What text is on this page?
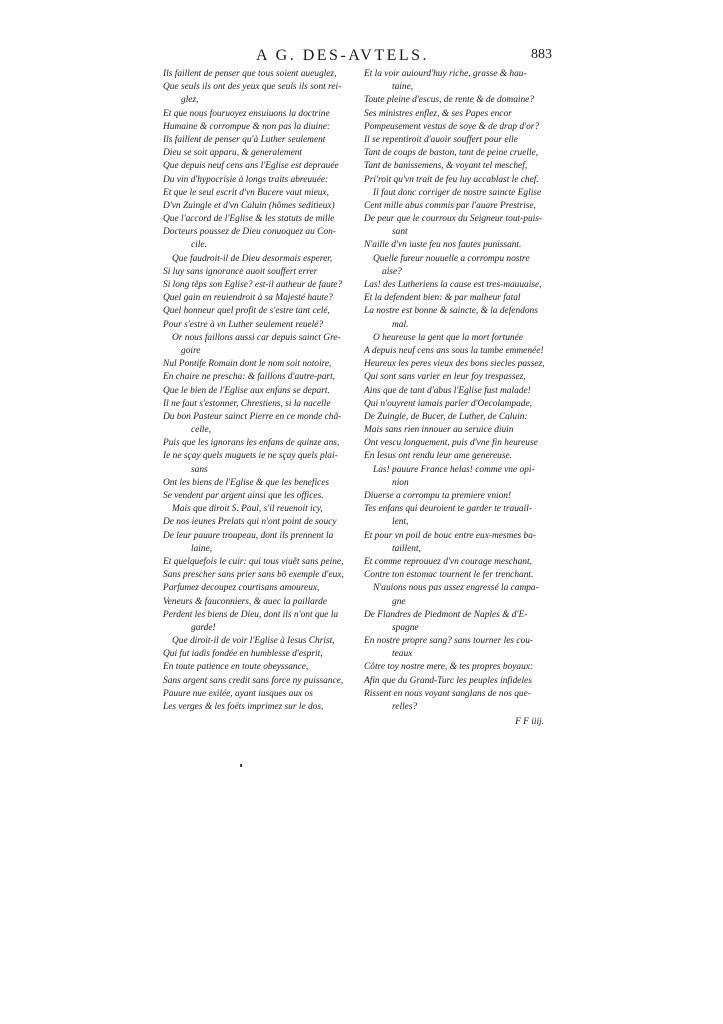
A G. DES-AVTELS.	883
Ils faillent de penser que tous soient aueuglez,
Que seuls ils ont des yeux que seuls ils sont rei-
glez,
Et que nous fouruoyez ensuiuons la doctrine
Humaine & corrompue & non pas la diuine:
Ils faillent de penser qu'à Luther seulement
Dieu se soit apparu, & generalement
Que depuis neuf cens ans l'Eglise est deprauée
Du vin d'hypocrisie à longs traits abreuuée:
Et que le seul escrit d'vn Bucere vaut mieux,
D'vn Zuingle et d'vn Caluin (hômes seditieux)
Que l'accord de l'Eglise & les statuts de mille
Docteurs poussez de Dieu conuoquez au Con-
cile.
Que faudroit-il de Dieu desormais esperer,
Si luy sans ignorance auoit souffert errer
Si long tẽps son Eglise? est-il autheur de faute?
Quel gain en reuiendroit à sa Majesté haute?
Quel honneur quel profit de s'estre tant celé,
Pour s'estre à vn Luther seulement reuelé?
Or nous faillons aussi car depuis sainct Gre-
goire
Nul Pontife Romain dont le nom soit notoire,
En chaire ne prescha: & faillons d'autre-part,
Que le bien de l'Eglise aux enfans se depart.
Il ne faut s'estonner, Chrestiens, si la nacelle
Du bon Pasteur sainct Pierre en ce monde chã-
celle,
Puis que les ignorans les enfans de quinze ans,
Ie ne sçay quels muguets ie ne sçay quels plai-
sans
Ont les biens de l'Eglise & que les benefices
Se vendent par argent ainsi que les offices.
Mais que diroit S. Paul, s'il reuenoit icy,
De nos ieunes Prelats qui n'ont point de soucy
De leur pauure troupeau, dont ils prennent la
laine,
Et quelquefois le cuir: qui tous viuẽt sans peine,
Sans prescher sans prier sans bõ exemple d'eux,
Parfumez decoupez courtisans amoureux,
Veneurs & fauconniers, & auec la paillarde
Perdent les biens de Dieu, dont ils n'ont que la
garde!
Que diroit-il de voir l'Eglise à Iesus Christ,
Qui fut iadis fondée en humblesse d'esprit,
En toute patience en toute obeyssance,
Sans argent sans credit sans force ny puissance,
Pauure nue exilée, ayant iusques aux os
Les verges & les foëts imprimez sur le dos,
Et la voir auiourd'huy riche, grasse & hau-
taine,
Toute pleine d'escus, de rente & de domaine?
Ses ministres enflez, & ses Papes encor
Pompeusement vestus de soye & de drap d'or?
Il se repentiroit d'auoir souffert pour elle
Tant de coups de baston, tant de peine cruelle,
Tant de banissemens, & voyant tel meschef,
Pri'roit qu'vn trait de feu luy accablast le chef.
Il faut donc corriger de nostre saincte Eglise
Cent mille abus commis par l'auare Prestrise,
De peur que le courroux du Seigneur tout-puis-
sant
N'aille d'vn iuste feu nos fautes punissant.
Quelle fureur nouuelle a corrompu nostre
aise?
Las! des Lutheriens la cause est tres-mauuaise,
Et la defendent bien: & par malheur fatal
La nostre est bonne & saincte, & la defendons
mal.
O heureuse la gent que la mort fortunée
A depuis neuf cens ans sous la tumbe emmenée!
Heureux les peres vieux des bons siecles passez,
Qui sont sans varier en leur foy trespassez,
Ains que de tant d'abus l'Eglise fust malade!
Qui n'ouyrent iamais parler d'Oecolampade,
De Zuingle, de Bucer, de Luther, de Caluin:
Mais sans rien innouer au seruice diuin
Ont vescu longuement, puis d'vne fin heureuse
En Iesus ont rendu leur ame genereuse.
Las! pauure France helas! comme vne opi-
nion
Diuerse a corrompu ta premiere vnion!
Tes enfans qui deuroient te garder te trauail-
lent,
Et pour vn poil de bouc entre eux-mesmes ba-
taillent,
Et comme reprouuez d'vn courage meschant,
Contre ton estomac tournent le fer trenchant.
N'auions nous pas assez engressé la campa-
gne
De Flandres de Piedmont de Naples & d'E-
spagne
En nostre propre sang? sans tourner les cou-
teaux
Côtre toy nostre mere, & tes propres boyaux:
Afin que du Grand-Turc les peuples infideles
Rissent en nous voyant sanglans de nos que-
relles?
F F iiij.
